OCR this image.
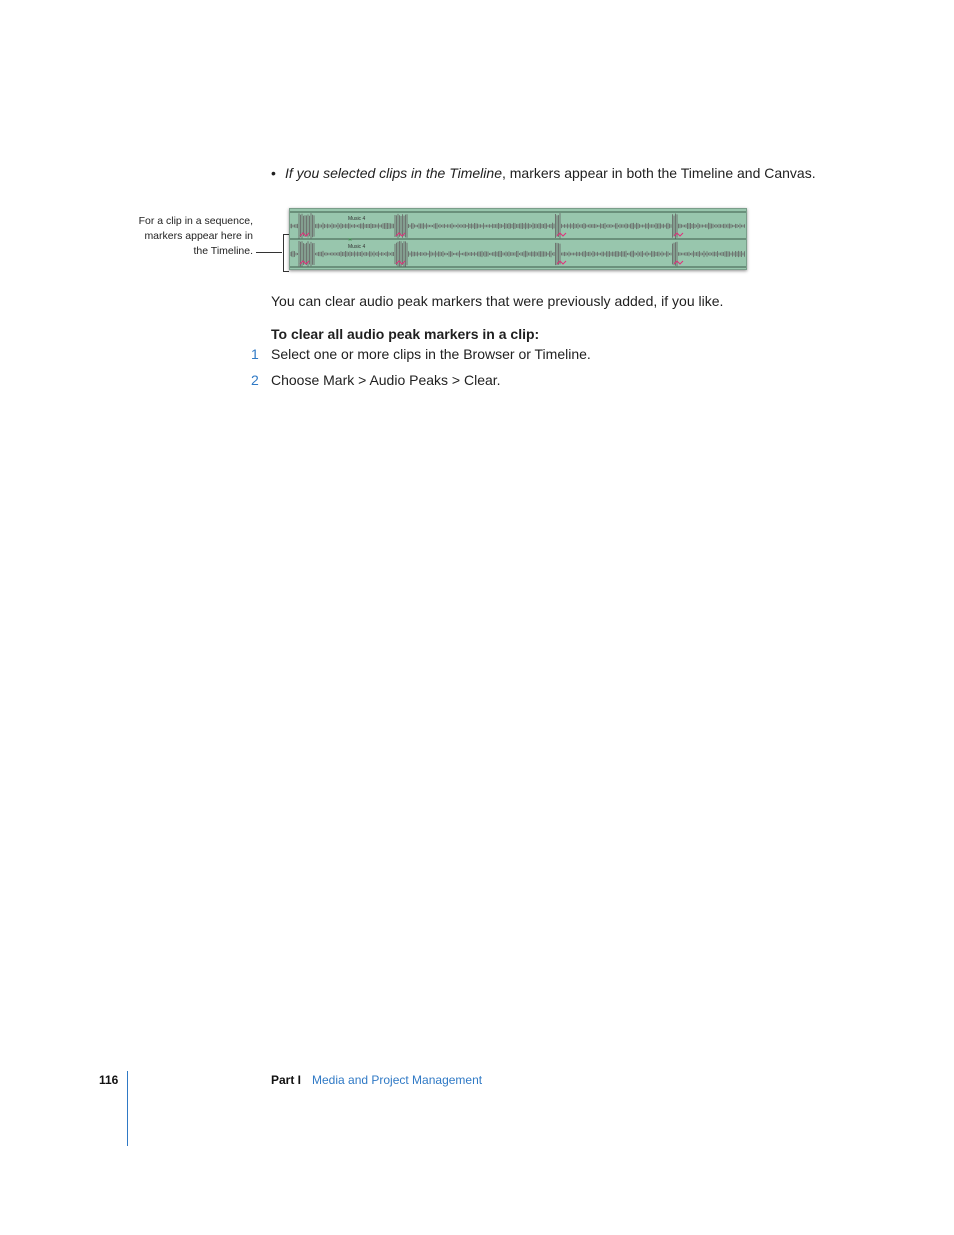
• If you selected clips in the Timeline, markers appear in both the Timeline and Canvas.
For a clip in a sequence,
markers appear here in
the Timeline.
Music 4
Music 4
≍
You can clear audio peak markers that were previously added, if you like.
To clear all audio peak markers in a clip:
1 Select one or more clips in the Browser or Timeline.
2 Choose Mark > Audio Peaks > Clear.
116	Part I Media and Project Management
